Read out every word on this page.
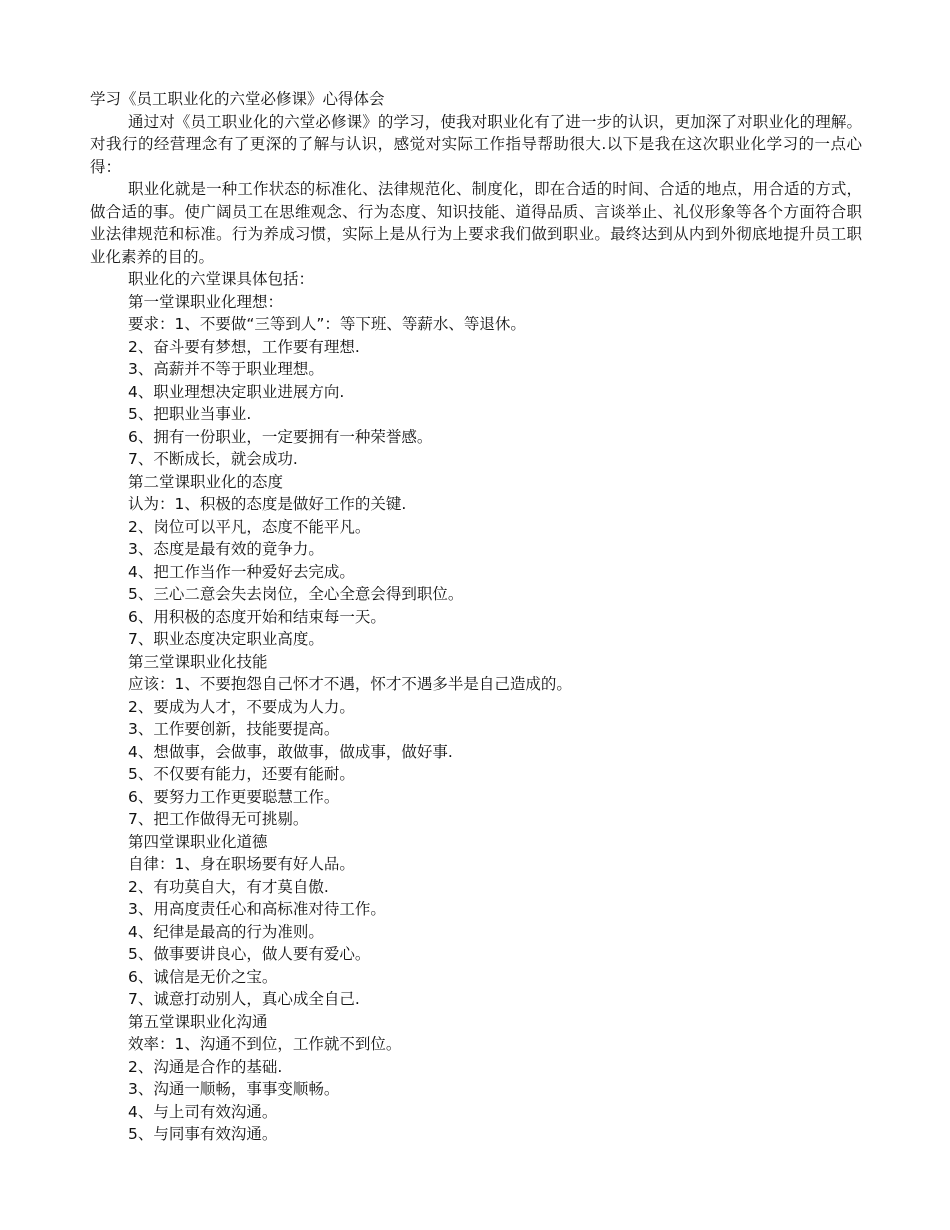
学习《员工职业化的六堂必修课》心得体会

通过对《员工职业化的六堂必修课》的学习，使我对职业化有了进一步的认识，更加深了对职业化的理解。对我行的经营理念有了更深的了解与认识，感觉对实际工作指导帮助很大.以下是我在这次职业化学习的一点心得：

职业化就是一种工作状态的标准化、法律规范化、制度化，即在合适的时间、合适的地点，用合适的方式，做合适的事。使广阔员工在思维观念、行为态度、知识技能、道得品质、言谈举止、礼仪形象等各个方面符合职业法律规范和标准。行为养成习惯，实际上是从行为上要求我们做到职业。最终达到从内到外彻底地提升员工职业化素养的目的。

职业化的六堂课具体包括：

第一堂课职业化理想：

要求：1、不要做“三等到人”：等下班、等薪水、等退休。

2、奋斗要有梦想，工作要有理想.

3、高薪并不等于职业理想。

4、职业理想决定职业进展方向.

5、把职业当事业.

6、拥有一份职业，一定要拥有一种荣誉感。

7、不断成长，就会成功.

第二堂课职业化的态度

认为：1、积极的态度是做好工作的关键.

2、岗位可以平凡，态度不能平凡。

3、态度是最有效的竟争力。

4、把工作当作一种爱好去完成。

5、三心二意会失去岗位，全心全意会得到职位。

6、用积极的态度开始和结束每一天。

7、职业态度决定职业高度。

第三堂课职业化技能

应该：1、不要抱怨自己怀才不遇，怀才不遇多半是自己造成的。

2、要成为人才，不要成为人力。

3、工作要创新，技能要提高。

4、想做事，会做事，敢做事，做成事，做好事.

5、不仅要有能力，还要有能耐。

6、要努力工作更要聪慧工作。

7、把工作做得无可挑剔。

第四堂课职业化道德

自律：1、身在职场要有好人品。

2、有功莫自大，有才莫自傲.

3、用高度责任心和高标准对待工作。

4、纪律是最高的行为准则。

5、做事要讲良心，做人要有爱心。

6、诚信是无价之宝。

7、诚意打动别人，真心成全自己.

第五堂课职业化沟通

效率：1、沟通不到位，工作就不到位。

2、沟通是合作的基础.

3、沟通一顺畅，事事变顺畅。

4、与上司有效沟通。

5、与同事有效沟通。
